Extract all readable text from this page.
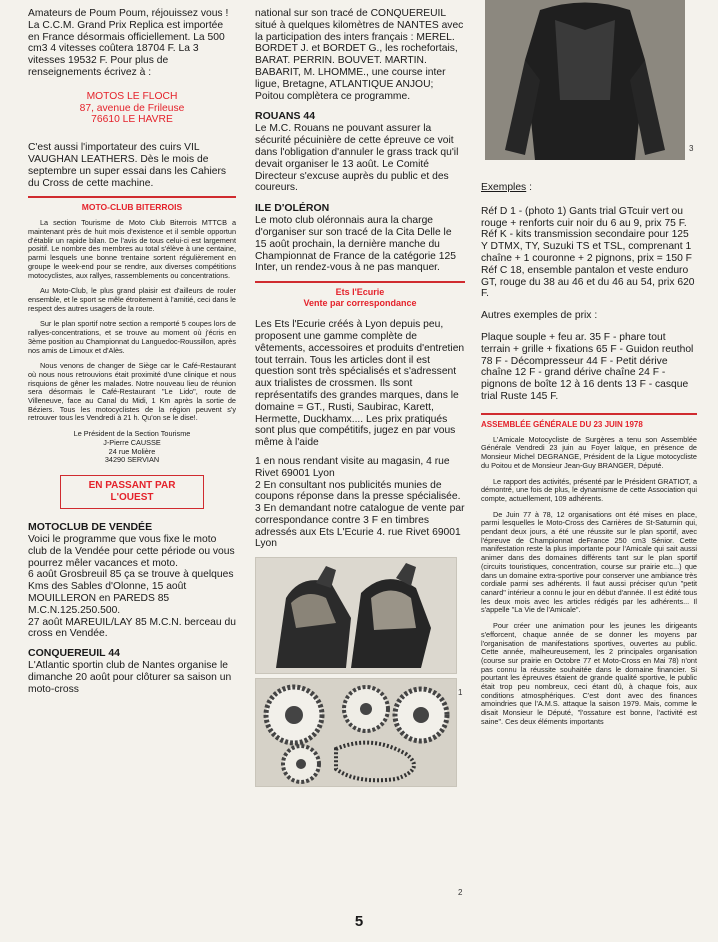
Amateurs de Poum Poum, réjouissez vous !

La C.C.M. Grand Prix Replica est importée en France désormais officiellement. La 500 cm3 4 vitesses coûtera 18704 F. La 3 vitesses 19532 F. Pour plus de renseignements écrivez à :

MOTOS LE FLOCH
87, avenue de Frileuse
76610 LE HAVRE

C'est aussi l'importateur des cuirs VIL VAUGHAN LEATHERS. Dès le mois de septembre un super essai dans les Cahiers du Cross de cette machine.

MOTO-CLUB BITERROIS

La section Tourisme de Moto Club Biterrois MTTCB a maintenant près de huit mois d'existence et il semble opportun d'établir un rapide bilan. De l'avis de tous celui-ci est largement positif. Le nombre des membres au total s'élève à une centaine, parmi lesquels une bonne trentaine sortent régulièrement en groupe le week-end pour se rendre, aux diverses compétitions motocyclistes, aux rallyes, rassemblements ou concentrations.

Au Moto-Club, le plus grand plaisir est d'ailleurs de rouler ensemble, et le sport se mêle étroitement à l'amitié, ceci dans le respect des autres usagers de la route.

Sur le plan sportif notre section a remporté 5 coupes lors de rallyes-concentrations, et se trouve au moment où j'écris en 3ème position au Championnat du Languedoc-Roussillon, après nos amis de Limoux et d'Alès.

Nous venons de changer de Siège car le Café-Restaurant où nous nous retrouvions était proximité d'une clinique et nous risquions de gêner les malades. Notre nouveau lieu de réunion sera désormais le Café-Restaurant "Le Lido", route de Villeneuve, face au Canal du Midi, 1 Km après la sortie de Béziers. Tous les motocyclistes de la région peuvent s'y retrouver tous les Vendredi à 21 h. Qu'on se le dise!.

Le Président de la Section Tourisme
J-Pierre CAUSSE
24 rue Molière
34290 SERVIAN
EN PASSANT PAR
L'OUEST
MOTOCLUB DE VENDÉE

Voici le programme que vous fixe le moto club de la Vendée pour cette période ou vous pourrez mêler vacances et moto.

6 août Grosbreuil 85 ça se trouve à quelques Kms des Sables d'Olonne, 15 août MOUILLERON en PAREDS 85 M.C.N.125.250.500.

27 août MAREUIL/LAY 85 M.C.N. berceau du cross en Vendée.

CONQUEREUIL 44

L'Atlantic sportin club de Nantes organise le dimanche 20 août pour clôturer sa saison un moto-cross

national sur son tracé de CONQUEREUIL situé à quelques kilomètres de NANTES avec la participation des inters français : MEREL. BORDET J. et BORDET G., les rochefortais, BARAT. PERRIN. BOUVET. MARTIN. BABARIT, M. LHOMME., une course inter ligue, Bretagne, ATLANTIQUE ANJOU; Poitou complètera ce programme.

ROUANS 44

Le M.C. Rouans ne pouvant assurer la sécurité pécuinière de cette épreuve ce voit dans l'obligation d'annuler le grass track qu'il devait organiser le 13 août. Le Comité Directeur s'excuse auprès du public et des coureurs.

ILE D'OLÉRON

Le moto club oléronnais aura la charge d'organiser sur son tracé de la Cita Delle le 15 août prochain, la dernière manche du Championnat de France de la catégorie 125 Inter, un rendez-vous à ne pas manquer.

Ets l'Ecurie
Vente par correspondance

Les Ets l'Ecurie créés à Lyon depuis peu, proposent une gamme complète de vêtements, accessoires et produits d'entretien tout terrain. Tous les articles dont il est question sont très spécialisés et s'adressent aux trialistes de crossmen. Ils sont représentatifs des grandes marques, dans le domaine = GT., Rusti, Saubirac, Karett, Hermette, Duckhamx.... Les prix pratiqués sont plus que compétitifs, jugez en par vous même à l'aide

1 en nous rendant visite au magasin, 4 rue Rivet 69001 Lyon

2 En consultant nos publicités munies de coupons réponse dans la presse spécialisée.

3 En demandant notre catalogue de vente par correspondance contre 3 F en timbres adressés aux Ets L'Ecurie 4. rue Rivet 69001 Lyon

1
2
3

Exemples :

Réf D 1 - (photo 1) Gants trial GTcuir vert ou rouge + renforts cuir noir du 6 au 9, prix 75 F.

Réf K - kits transmission secondaire pour 125 Y DTMX, TY, Suzuki TS et TSL, comprenant 1 chaîne + 1 couronne + 2 pignons, prix = 150 F

Réf C 18, ensemble pantalon et veste enduro GT, rouge du 38 au 46 et du 46 au 54, prix 620 F.

Autres exemples de prix :

Plaque souple + feu ar. 35 F - phare tout terrain + grille + fixations 65 F - Guidon reuthol 78 F - Décompresseur 44 F - Petit dérive chaîne 12 F - grand dérive chaîne 24 F - pignons de boîte 12 à 16 dents 13 F - casque trial Ruste 145 F.

ASSEMBLÉE GÉNÉRALE DU 23 JUIN 1978

L'Amicale Motocycliste de Surgères a tenu son Assemblée Générale Vendredi 23 juin au Foyer laïque, en présence de Monsieur Michel DEGRANGE, Président de la Ligue motocycliste du Poitou et de Monsieur Jean-Guy BRANGER, Député.

Le rapport des activités, présenté par le Président GRATIOT, a démontré, une fois de plus, le dynamisme de cette Association qui compte, actuellement, 109 adhérents.

De Juin 77 à 78, 12 organisations ont été mises en place, parmi lesquelles le Moto-Cross des Carrières de St-Saturnin qui, pendant deux jours, a été une réussite sur le plan sportif, avec l'épreuve de Championnat deFrance 250 cm3 Sénior. Cette manifestation reste la plus importante pour l'Amicale qui sait aussi animer dans des domaines différents tant sur le plan sportif (circuits touristiques, concentration, course sur prairie etc...) que dans un domaine extra-sportive pour conserver une ambiance très cordiale parmi ses adhérents. Il faut aussi préciser qu'un "petit canard" intérieur a connu le jour en début d'année. Il est édité tous les deux mois avec les articles rédigés par les adhérents... Il s'appelle "La Vie de l'Amicale".

Pour créer une animation pour les jeunes les dirigeants s'efforcent, chaque année de se donner les moyens par l'organisation de manifestations sportives, ouvertes au public. Cette année, malheureusement, les 2 principales organisation (course sur prairie en Octobre 77 et Moto-Cross en Mai 78) n'ont pas connu la réussite souhaitée dans le domaine financier. Si pourtant les épreuves étaient de grande qualité sportive, le public était trop peu nombreux, ceci étant dû, à chaque fois, aux conditions atmosphériques. C'est dont avec des finances amoindries que l'A.M.S. attaque la saison 1979. Mais, comme le disait Monsieur le Député, "l'ossature est bonne, l'activité est saine". Ces deux éléments importants

5
